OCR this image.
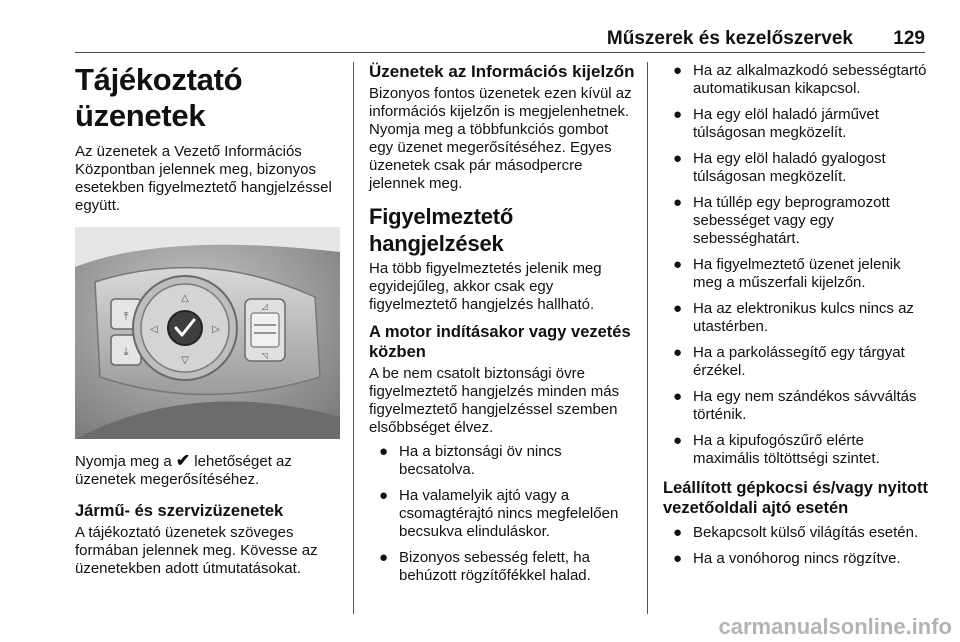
Műszerek és kezelőszervek 129
Tájékoztató üzenetek

Az üzenetek a Vezető Információs Központban jelennek meg, bizonyos esetekben figyelmeztető hangjelzéssel együtt.

⤒
⤓
△
▽
◁	▷
◿
◹

Nyomja meg a ✔ lehetőséget az üzenetek megerősítéséhez.

Jármű- és szervizüzenetek

A tájékoztató üzenetek szöveges formában jelennek meg. Kövesse az üzenetekben adott útmutatásokat.

Üzenetek az Információs kijelzőn

Bizonyos fontos üzenetek ezen kívül az információs kijelzőn is megjelenhetnek. Nyomja meg a többfunkciós gombot egy üzenet megerősítéséhez. Egyes üzenetek csak pár másodpercre jelennek meg.

Figyelmeztető hangjelzések

Ha több figyelmeztetés jelenik meg egyidejűleg, akkor csak egy figyelmeztető hangjelzés hallható.

A motor indításakor vagy vezetés közben

A be nem csatolt biztonsági övre figyelmeztető hangjelzés minden más figyelmeztető hangjelzéssel szemben elsőbbséget élvez.

● Ha a biztonsági öv nincs becsatolva.
● Ha valamelyik ajtó vagy a csomagtérajtó nincs megfelelően becsukva elinduláskor.
● Bizonyos sebesség felett, ha behúzott rögzítőfékkel halad.
● Ha az alkalmazkodó sebességtartó automatikusan kikapcsol.
● Ha egy elöl haladó járművet túlságosan megközelít.
● Ha egy elöl haladó gyalogost túlságosan megközelít.
● Ha túllép egy beprogramozott sebességet vagy egy sebességhatárt.
● Ha figyelmeztető üzenet jelenik meg a műszerfali kijelzőn.
● Ha az elektronikus kulcs nincs az utastérben.
● Ha a parkolássegítő egy tárgyat érzékel.
● Ha egy nem szándékos sávváltás történik.
● Ha a kipufogószűrő elérte maximális töltöttségi szintet.
Leállított gépkocsi és/vagy nyitott vezetőoldali ajtó esetén
● Bekapcsolt külső világítás esetén.
● Ha a vonóhorog nincs rögzítve.
carmanualsonline.info
